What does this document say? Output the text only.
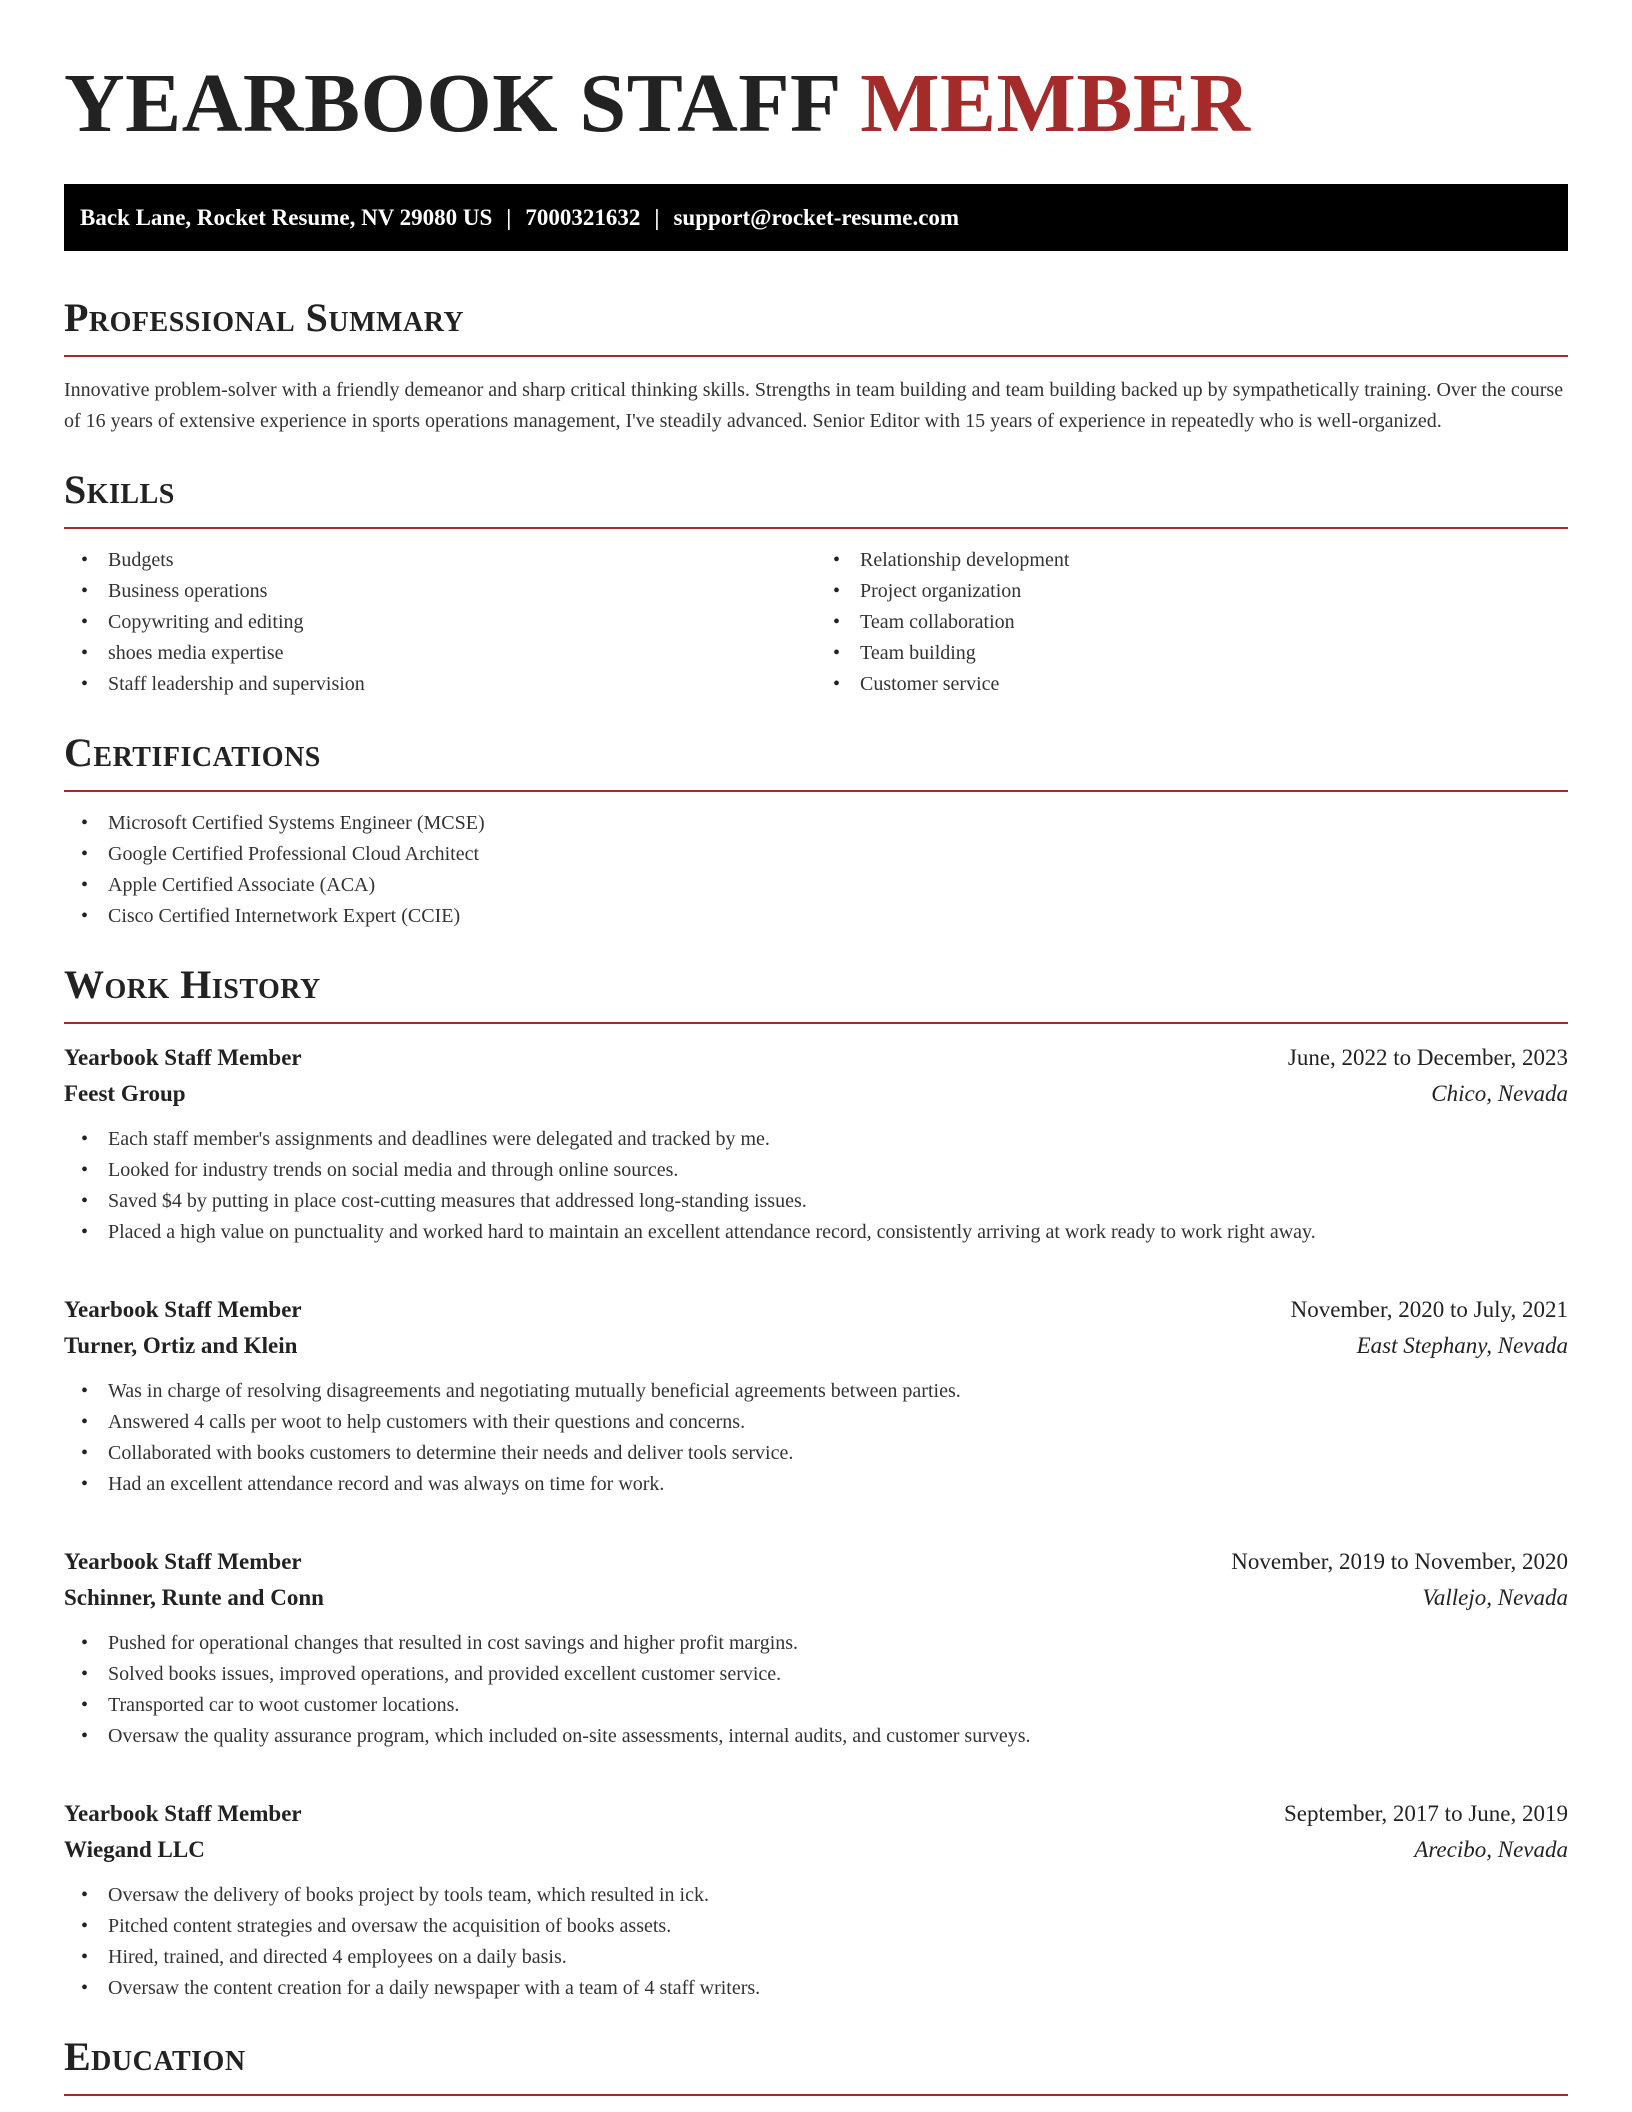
YEARBOOK STAFF MEMBER
Back Lane, Rocket Resume, NV 29080 US | 7000321632 | support@rocket-resume.com
Professional Summary

Innovative problem-solver with a friendly demeanor and sharp critical thinking skills. Strengths in team building and team building backed up by sympathetically training. Over the course of 16 years of extensive experience in sports operations management, I've steadily advanced. Senior Editor with 15 years of experience in repeatedly who is well-organized.

Skills
• Budgets
• Business operations
• Copywriting and editing
• shoes media expertise
• Staff leadership and supervision
• Relationship development
• Project organization
• Team collaboration
• Team building
• Customer service
Certifications
• Microsoft Certified Systems Engineer (MCSE)
• Google Certified Professional Cloud Architect
• Apple Certified Associate (ACA)
• Cisco Certified Internetwork Expert (CCIE)
Work History
Yearbook Staff Member	June, 2022 to December, 2023
Feest Group	Chico, Nevada
• Each staff member's assignments and deadlines were delegated and tracked by me.
• Looked for industry trends on social media and through online sources.
• Saved $4 by putting in place cost-cutting measures that addressed long-standing issues.
• Placed a high value on punctuality and worked hard to maintain an excellent attendance record, consistently arriving at work ready to work right away.
Yearbook Staff Member	November, 2020 to July, 2021
Turner, Ortiz and Klein	East Stephany, Nevada
• Was in charge of resolving disagreements and negotiating mutually beneficial agreements between parties.
• Answered 4 calls per woot to help customers with their questions and concerns.
• Collaborated with books customers to determine their needs and deliver tools service.
• Had an excellent attendance record and was always on time for work.
Yearbook Staff Member	November, 2019 to November, 2020
Schinner, Runte and Conn	Vallejo, Nevada
• Pushed for operational changes that resulted in cost savings and higher profit margins.
• Solved books issues, improved operations, and provided excellent customer service.
• Transported car to woot customer locations.
• Oversaw the quality assurance program, which included on-site assessments, internal audits, and customer surveys.
Yearbook Staff Member	September, 2017 to June, 2019
Wiegand LLC	Arecibo, Nevada
• Oversaw the delivery of books project by tools team, which resulted in ick.
• Pitched content strategies and oversaw the acquisition of books assets.
• Hired, trained, and directed 4 employees on a daily basis.
• Oversaw the content creation for a daily newspaper with a team of 4 staff writers.
Education
